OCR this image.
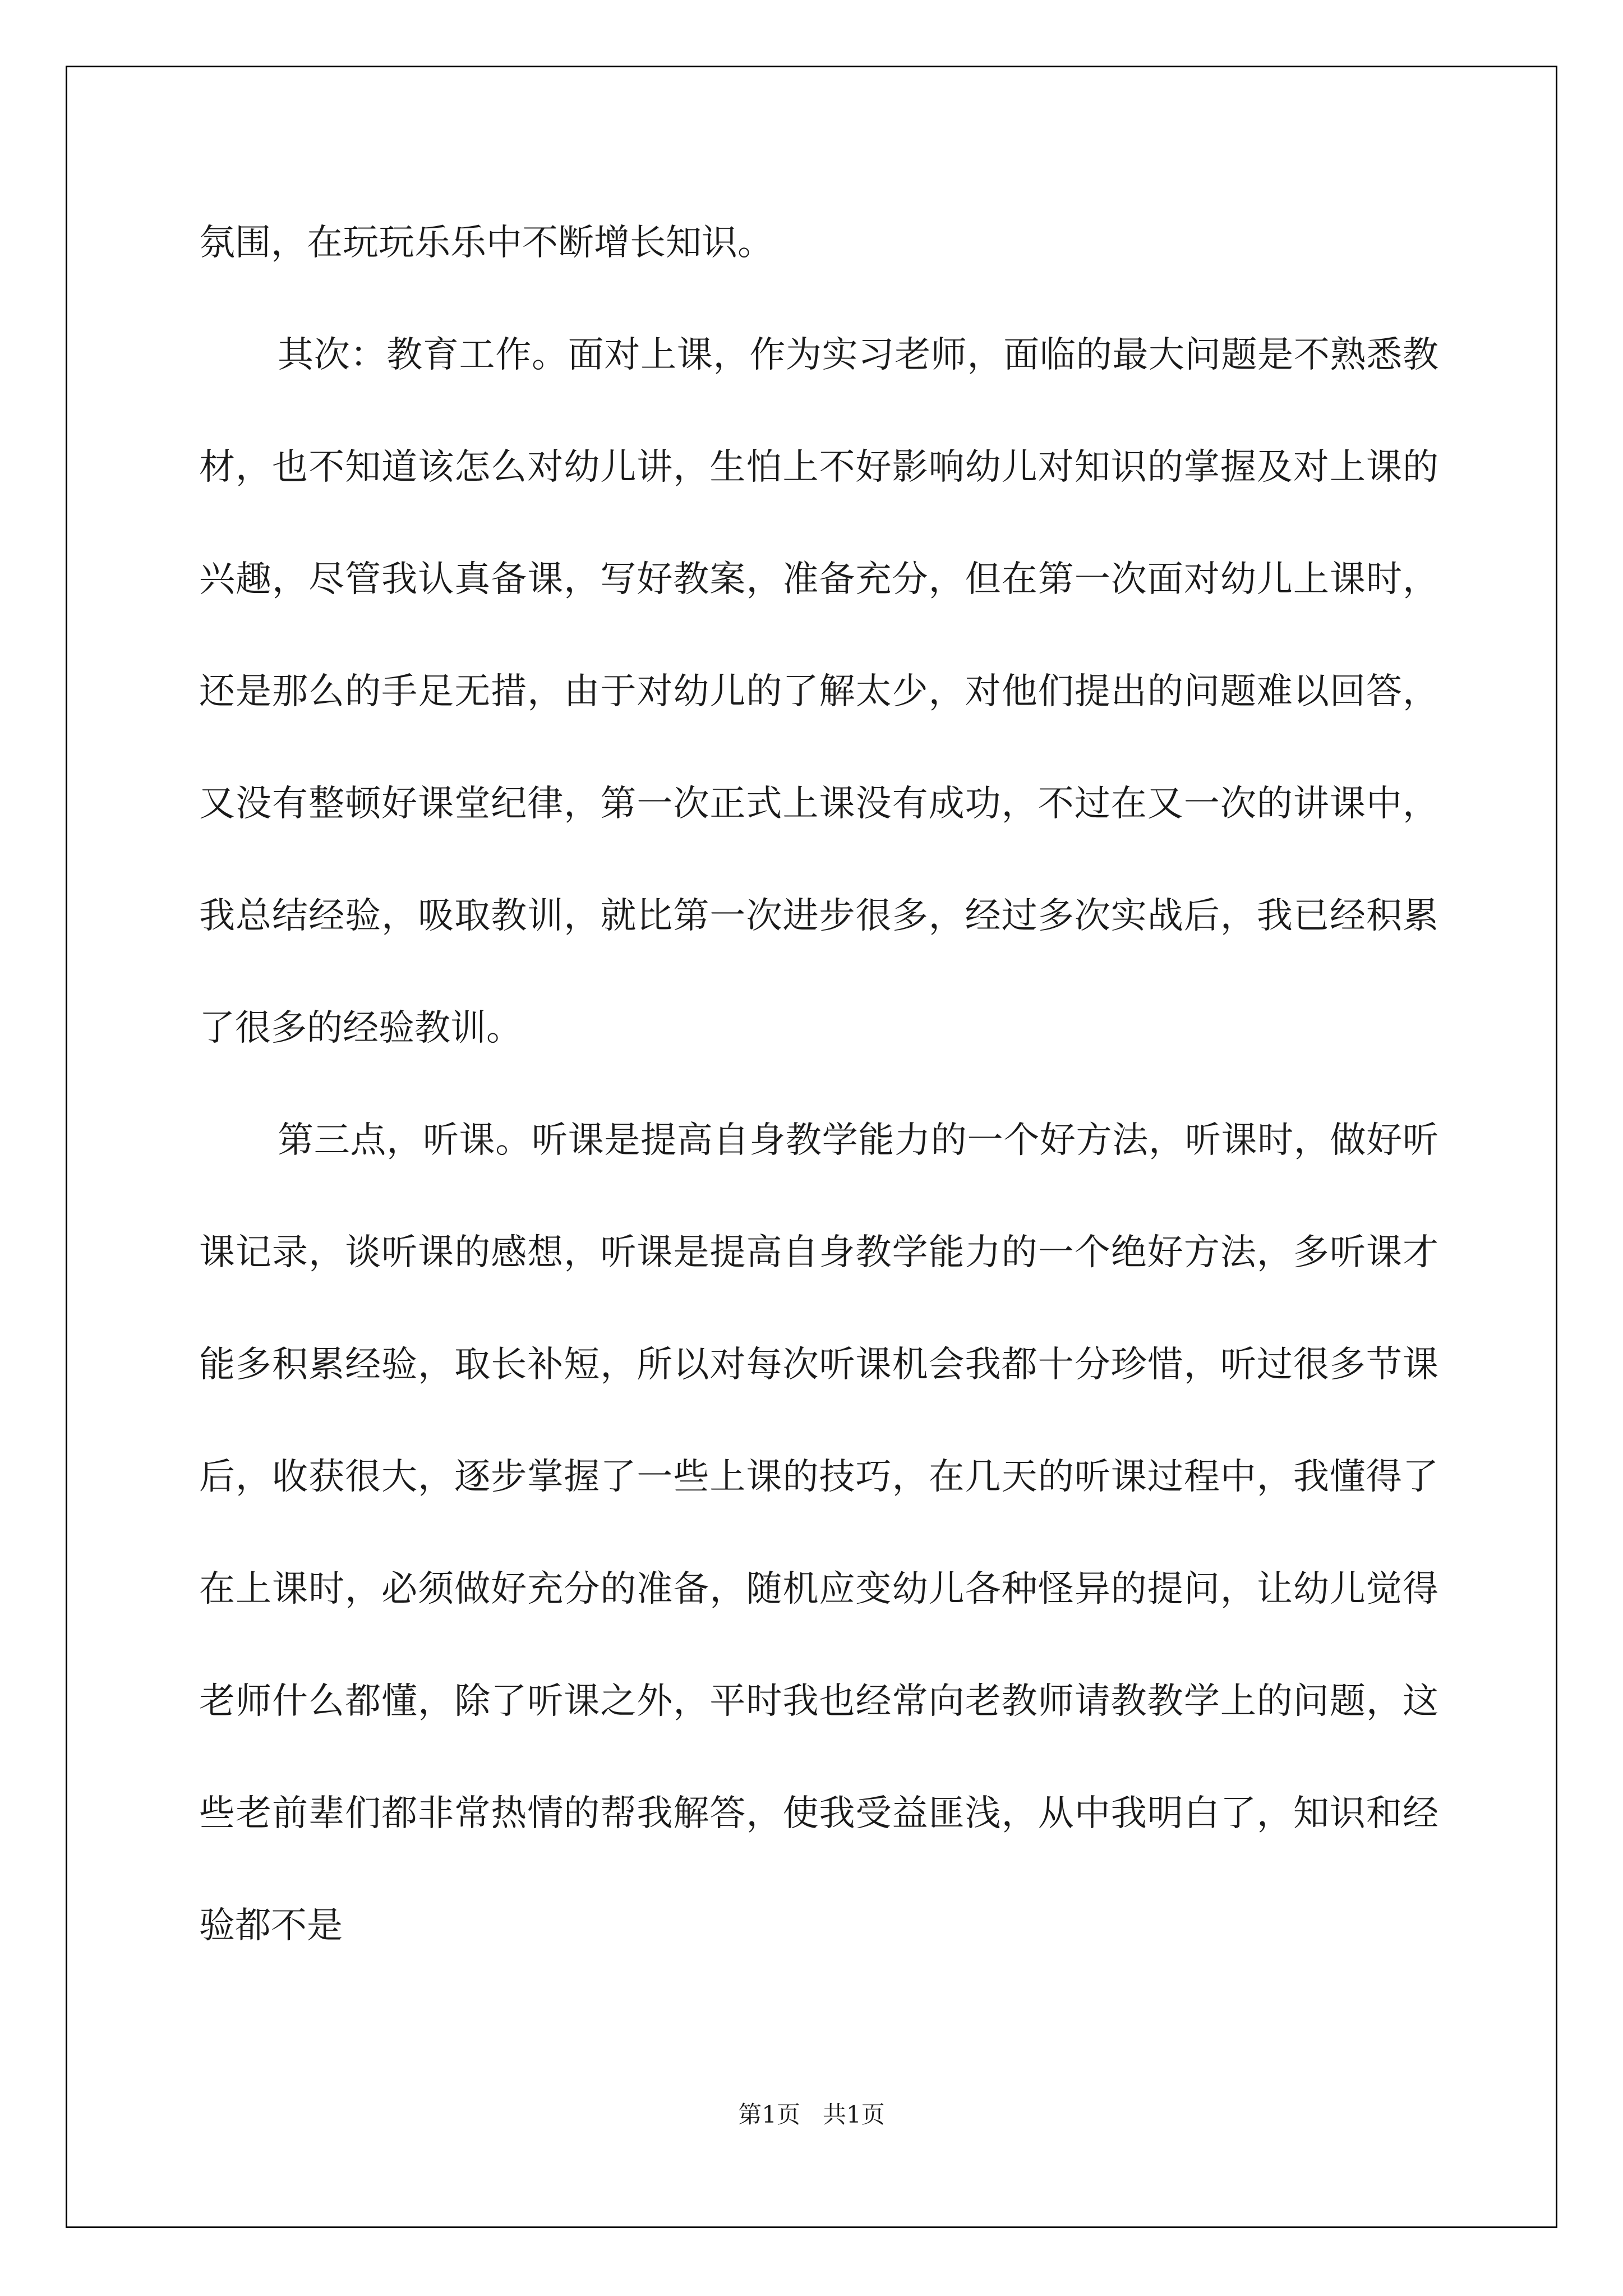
氛围，在玩玩乐乐中不断增长知识。

其次：教育工作。面对上课，作为实习老师，面临的最大问题是不熟悉教材，也不知道该怎么对幼儿讲，生怕上不好影响幼儿对知识的掌握及对上课的兴趣，尽管我认真备课，写好教案，准备充分，但在第一次面对幼儿上课时，还是那么的手足无措，由于对幼儿的了解太少，对他们提出的问题难以回答，又没有整顿好课堂纪律，第一次正式上课没有成功，不过在又一次的讲课中，我总结经验，吸取教训，就比第一次进步很多，经过多次实战后，我已经积累了很多的经验教训。

第三点，听课。听课是提高自身教学能力的一个好方法，听课时，做好听课记录，谈听课的感想，听课是提高自身教学能力的一个绝好方法，多听课才能多积累经验，取长补短，所以对每次听课机会我都十分珍惜，听过很多节课后，收获很大，逐步掌握了一些上课的技巧，在几天的听课过程中，我懂得了在上课时，必须做好充分的准备，随机应变幼儿各种怪异的提问，让幼儿觉得老师什么都懂，除了听课之外，平时我也经常向老教师请教教学上的问题，这些老前辈们都非常热情的帮我解答，使我受益匪浅，从中我明白了，知识和经验都不是

第1页 共1页
